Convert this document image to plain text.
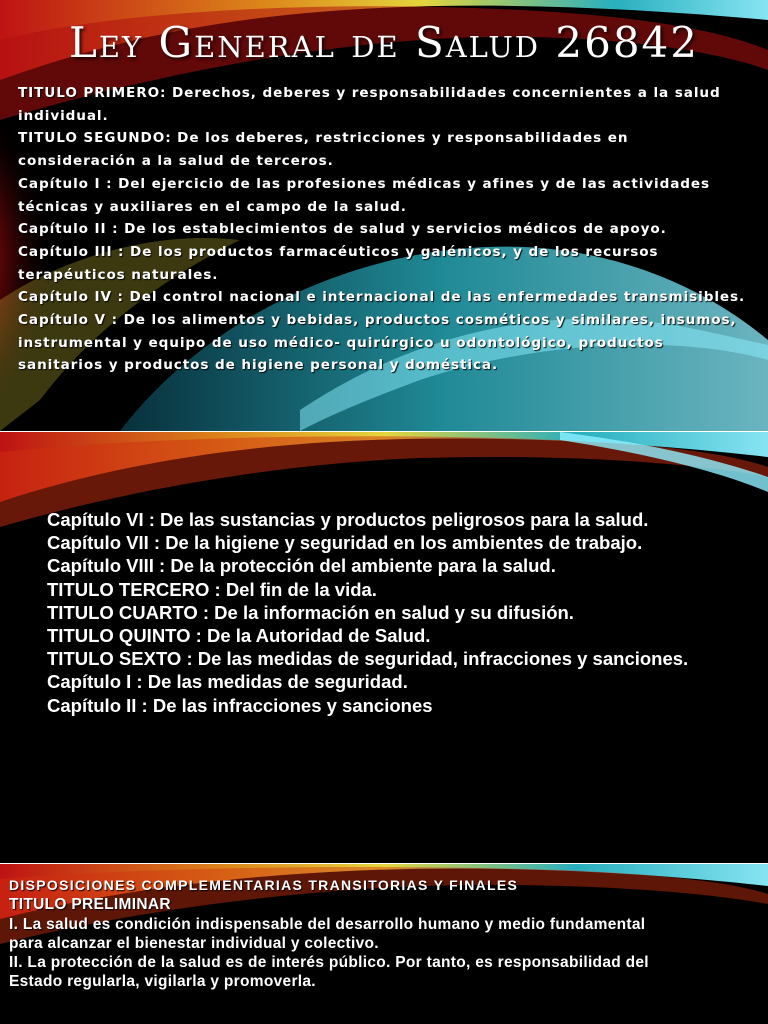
Ley General de Salud 26842
TITULO PRIMERO: Derechos, deberes y responsabilidades concernientes a la salud individual.
TITULO SEGUNDO: De los deberes, restricciones y responsabilidades en consideración a la salud de terceros.
Capítulo I : Del ejercicio de las profesiones médicas y afines y de las actividades técnicas y auxiliares en el campo de la salud.
Capítulo II : De los establecimientos de salud y servicios médicos de apoyo.
Capítulo III : De los productos farmacéuticos y galénicos, y de los recursos terapéuticos naturales.
Capítulo IV : Del control nacional e internacional de las enfermedades transmisibles.
Capítulo V : De los alimentos y bebidas, productos cosméticos y similares, insumos, instrumental y equipo de uso médico- quirúrgico u odontológico, productos sanitarios y productos de higiene personal y doméstica.
Capítulo VI : De las sustancias y productos peligrosos para la salud.
Capítulo VII : De la higiene y seguridad en los ambientes de trabajo.
Capítulo VIII : De la protección del ambiente para la salud.
TITULO TERCERO : Del fin de la vida.
TITULO CUARTO : De la información en salud y su difusión.
TITULO QUINTO : De la Autoridad de Salud.
TITULO SEXTO : De las medidas de seguridad, infracciones y sanciones.
Capítulo I : De las medidas de seguridad.
Capítulo II : De las infracciones y sanciones
DISPOSICIONES COMPLEMENTARIAS TRANSITORIAS Y FINALES
TITULO PRELIMINAR
I. La salud es condición indispensable del desarrollo humano y medio fundamental
para alcanzar el bienestar individual y colectivo.
II. La protección de la salud es de interés público. Por tanto, es responsabilidad del
Estado regularla, vigilarla y promoverla.
